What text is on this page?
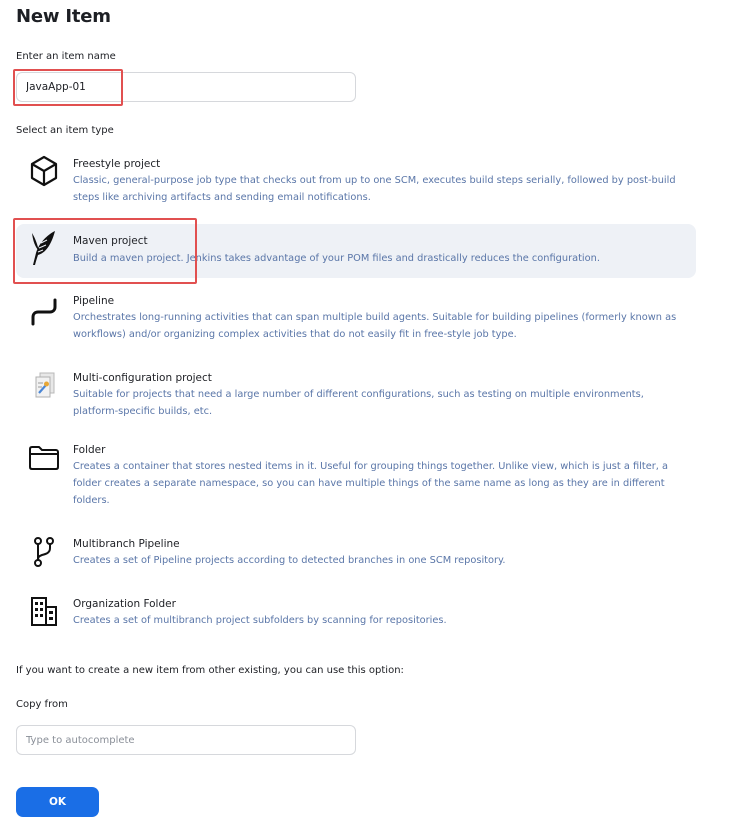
New Item
Enter an item name
JavaApp-01
Select an item type
Freestyle project
Classic, general-purpose job type that checks out from up to one SCM, executes build steps serially, followed by post-build steps like archiving artifacts and sending email notifications.
Maven project
Build a maven project. Jenkins takes advantage of your POM files and drastically reduces the configuration.
Pipeline
Orchestrates long-running activities that can span multiple build agents. Suitable for building pipelines (formerly known as workflows) and/or organizing complex activities that do not easily fit in free-style job type.
Multi-configuration project
Suitable for projects that need a large number of different configurations, such as testing on multiple environments, platform-specific builds, etc.
Folder
Creates a container that stores nested items in it. Useful for grouping things together. Unlike view, which is just a filter, a folder creates a separate namespace, so you can have multiple things of the same name as long as they are in different folders.
Multibranch Pipeline
Creates a set of Pipeline projects according to detected branches in one SCM repository.
Organization Folder
Creates a set of multibranch project subfolders by scanning for repositories.
If you want to create a new item from other existing, you can use this option:
Copy from
Type to autocomplete
OK
